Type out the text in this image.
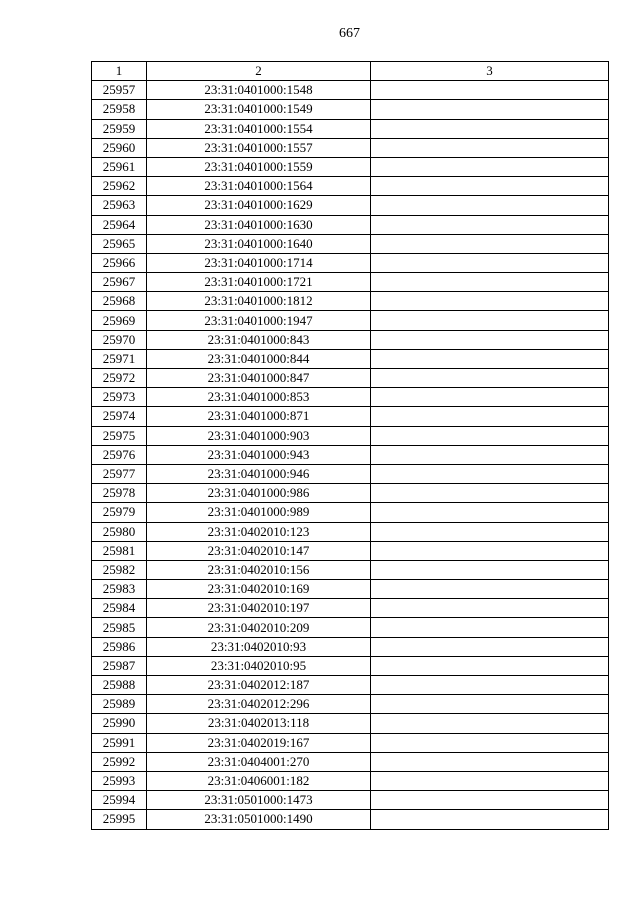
667
1	2	3
25957	23:31:0401000:1548	
25958	23:31:0401000:1549	
25959	23:31:0401000:1554	
25960	23:31:0401000:1557	
25961	23:31:0401000:1559	
25962	23:31:0401000:1564	
25963	23:31:0401000:1629	
25964	23:31:0401000:1630	
25965	23:31:0401000:1640	
25966	23:31:0401000:1714	
25967	23:31:0401000:1721	
25968	23:31:0401000:1812	
25969	23:31:0401000:1947	
25970	23:31:0401000:843	
25971	23:31:0401000:844	
25972	23:31:0401000:847	
25973	23:31:0401000:853	
25974	23:31:0401000:871	
25975	23:31:0401000:903	
25976	23:31:0401000:943	
25977	23:31:0401000:946	
25978	23:31:0401000:986	
25979	23:31:0401000:989	
25980	23:31:0402010:123	
25981	23:31:0402010:147	
25982	23:31:0402010:156	
25983	23:31:0402010:169	
25984	23:31:0402010:197	
25985	23:31:0402010:209	
25986	23:31:0402010:93	
25987	23:31:0402010:95	
25988	23:31:0402012:187	
25989	23:31:0402012:296	
25990	23:31:0402013:118	
25991	23:31:0402019:167	
25992	23:31:0404001:270	
25993	23:31:0406001:182	
25994	23:31:0501000:1473	
25995	23:31:0501000:1490	
